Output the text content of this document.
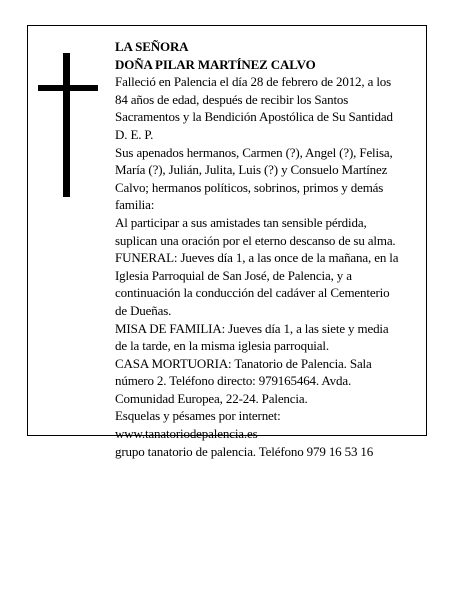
LA SEÑORA
DOÑA PILAR MARTÍNEZ CALVO
Falleció en Palencia el día 28 de febrero de 2012, a los
84 años de edad, después de recibir los Santos
Sacramentos y la Bendición Apostólica de Su Santidad
D. E. P.
Sus apenados hermanos, Carmen (?), Angel (?), Felisa,
María (?), Julián, Julita, Luis (?) y Consuelo Martínez
Calvo; hermanos políticos, sobrinos, primos y demás
familia:
Al participar a sus amistades tan sensible pérdida,
suplican una oración por el eterno descanso de su alma.
FUNERAL: Jueves día 1, a las once de la mañana, en la
Iglesia Parroquial de San José, de Palencia, y a
continuación la conducción del cadáver al Cementerio
de Dueñas.
MISA DE FAMILIA: Jueves día 1, a las siete y media
de la tarde, en la misma iglesia parroquial.
CASA MORTUORIA: Tanatorio de Palencia. Sala
número 2. Teléfono directo: 979165464. Avda.
Comunidad Europea, 22-24. Palencia.
Esquelas y pésames por internet:
www.tanatoriodepalencia.es
grupo tanatorio de palencia. Teléfono 979 16 53 16
